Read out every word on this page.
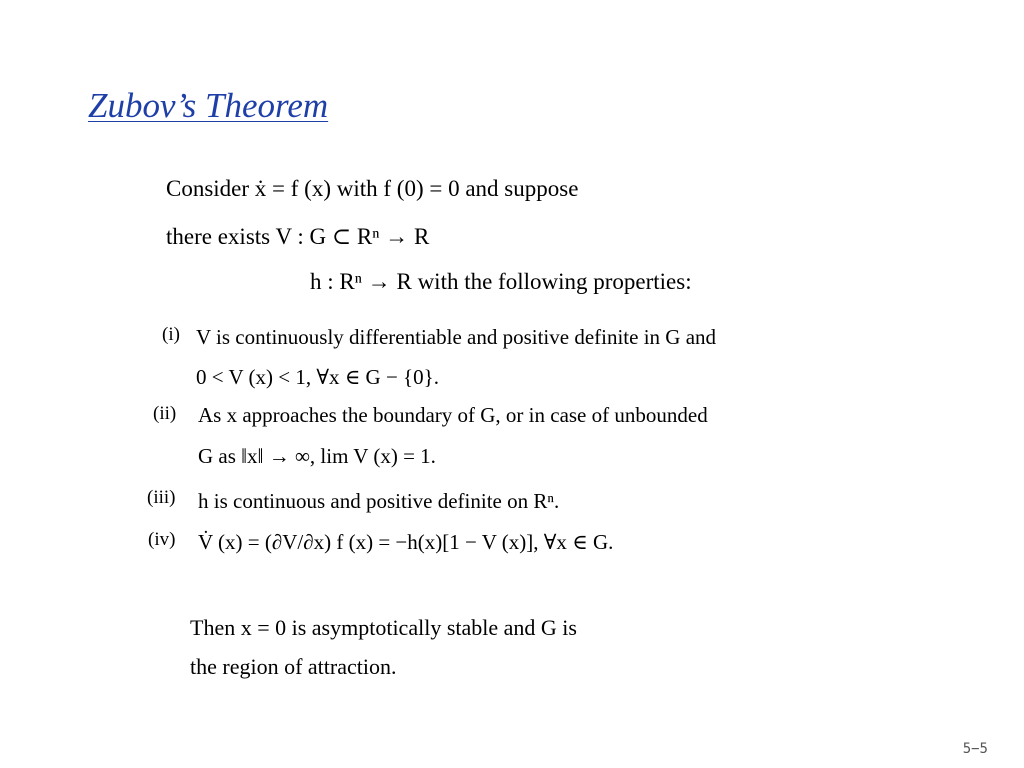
Zubov’s Theorem
Consider ẋ = f (x) with f (0) = 0 and suppose
there exists V : G ⊂ Rⁿ → R
h : Rⁿ → R with the following properties:
(i) V is continuously differentiable and positive definite in G and
0 < V (x) < 1, ∀x ∈ G − {0}.
(ii) As x approaches the boundary of G, or in case of unbounded
G as ‖x‖ → ∞, lim V (x) = 1.
(iii) h is continuous and positive definite on Rⁿ.
(iv) V̇ (x) = (∂V/∂x) f (x) = −h(x)[1 − V (x)], ∀x ∈ G.
Then x = 0 is asymptotically stable and G is
the region of attraction.
5−5
